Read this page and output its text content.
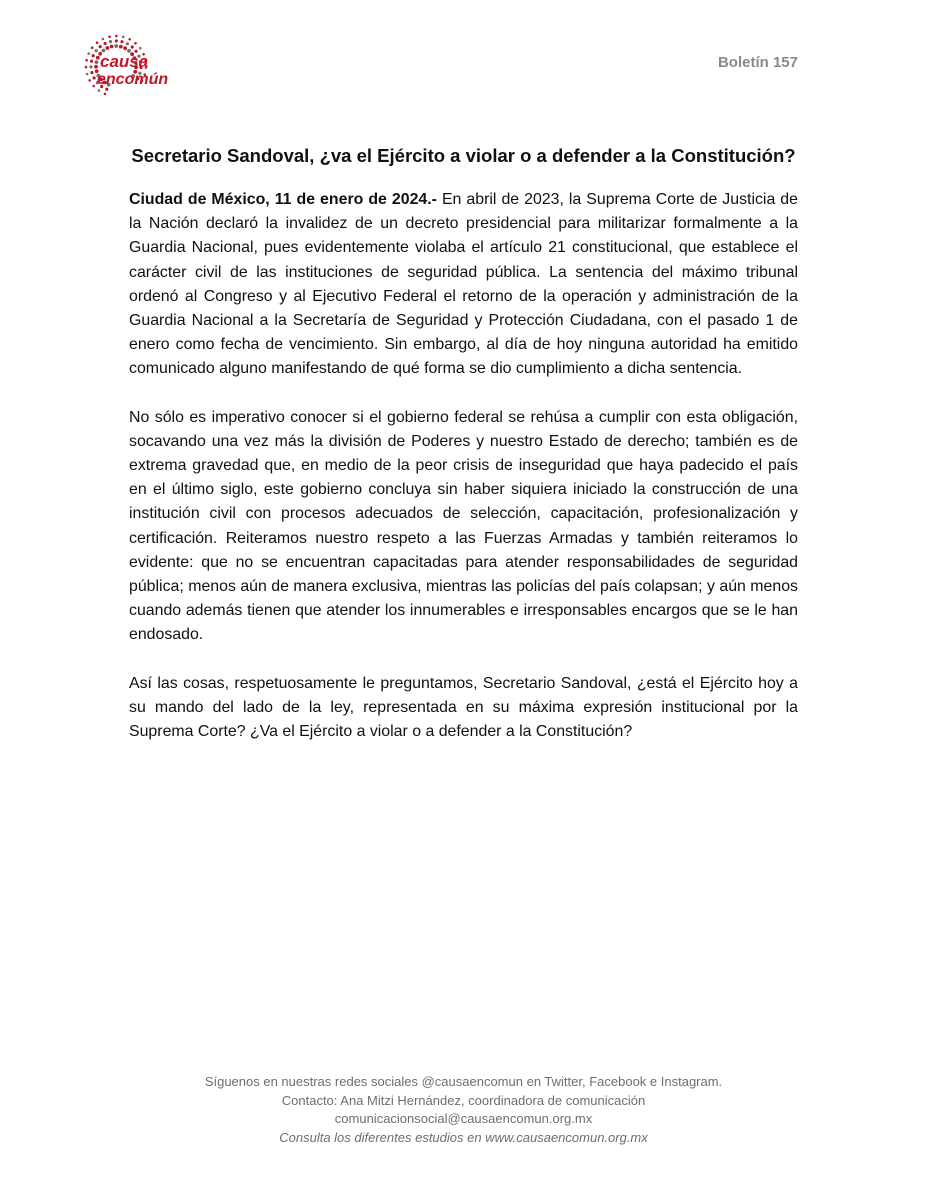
causa
encomún
Boletín 157
Secretario Sandoval, ¿va el Ejército a violar o a defender a la Constitución?

Ciudad de México, 11 de enero de 2024.- En abril de 2023, la Suprema Corte de Justicia de la Nación declaró la invalidez de un decreto presidencial para militarizar formalmente a la Guardia Nacional, pues evidentemente violaba el artículo 21 constitucional, que establece el carácter civil de las instituciones de seguridad pública. La sentencia del máximo tribunal ordenó al Congreso y al Ejecutivo Federal el retorno de la operación y administración de la Guardia Nacional a la Secretaría de Seguridad y Protección Ciudadana, con el pasado 1 de enero como fecha de vencimiento. Sin embargo, al día de hoy ninguna autoridad ha emitido comunicado alguno manifestando de qué forma se dio cumplimiento a dicha sentencia.

No sólo es imperativo conocer si el gobierno federal se rehúsa a cumplir con esta obligación, socavando una vez más la división de Poderes y nuestro Estado de derecho; también es de extrema gravedad que, en medio de la peor crisis de inseguridad que haya padecido el país en el último siglo, este gobierno concluya sin haber siquiera iniciado la construcción de una institución civil con procesos adecuados de selección, capacitación, profesionalización y certificación. Reiteramos nuestro respeto a las Fuerzas Armadas y también reiteramos lo evidente: que no se encuentran capacitadas para atender responsabilidades de seguridad pública; menos aún de manera exclusiva, mientras las policías del país colapsan; y aún menos cuando además tienen que atender los innumerables e irresponsables encargos que se le han endosado.

Así las cosas, respetuosamente le preguntamos, Secretario Sandoval, ¿está el Ejército hoy a su mando del lado de la ley, representada en su máxima expresión institucional por la Suprema Corte? ¿Va el Ejército a violar o a defender a la Constitución?

Síguenos en nuestras redes sociales @causaencomun en Twitter, Facebook e Instagram.
Contacto: Ana Mitzi Hernández, coordinadora de comunicación
comunicacionsocial@causaencomun.org.mx
Consulta los diferentes estudios en www.causaencomun.org.mx
